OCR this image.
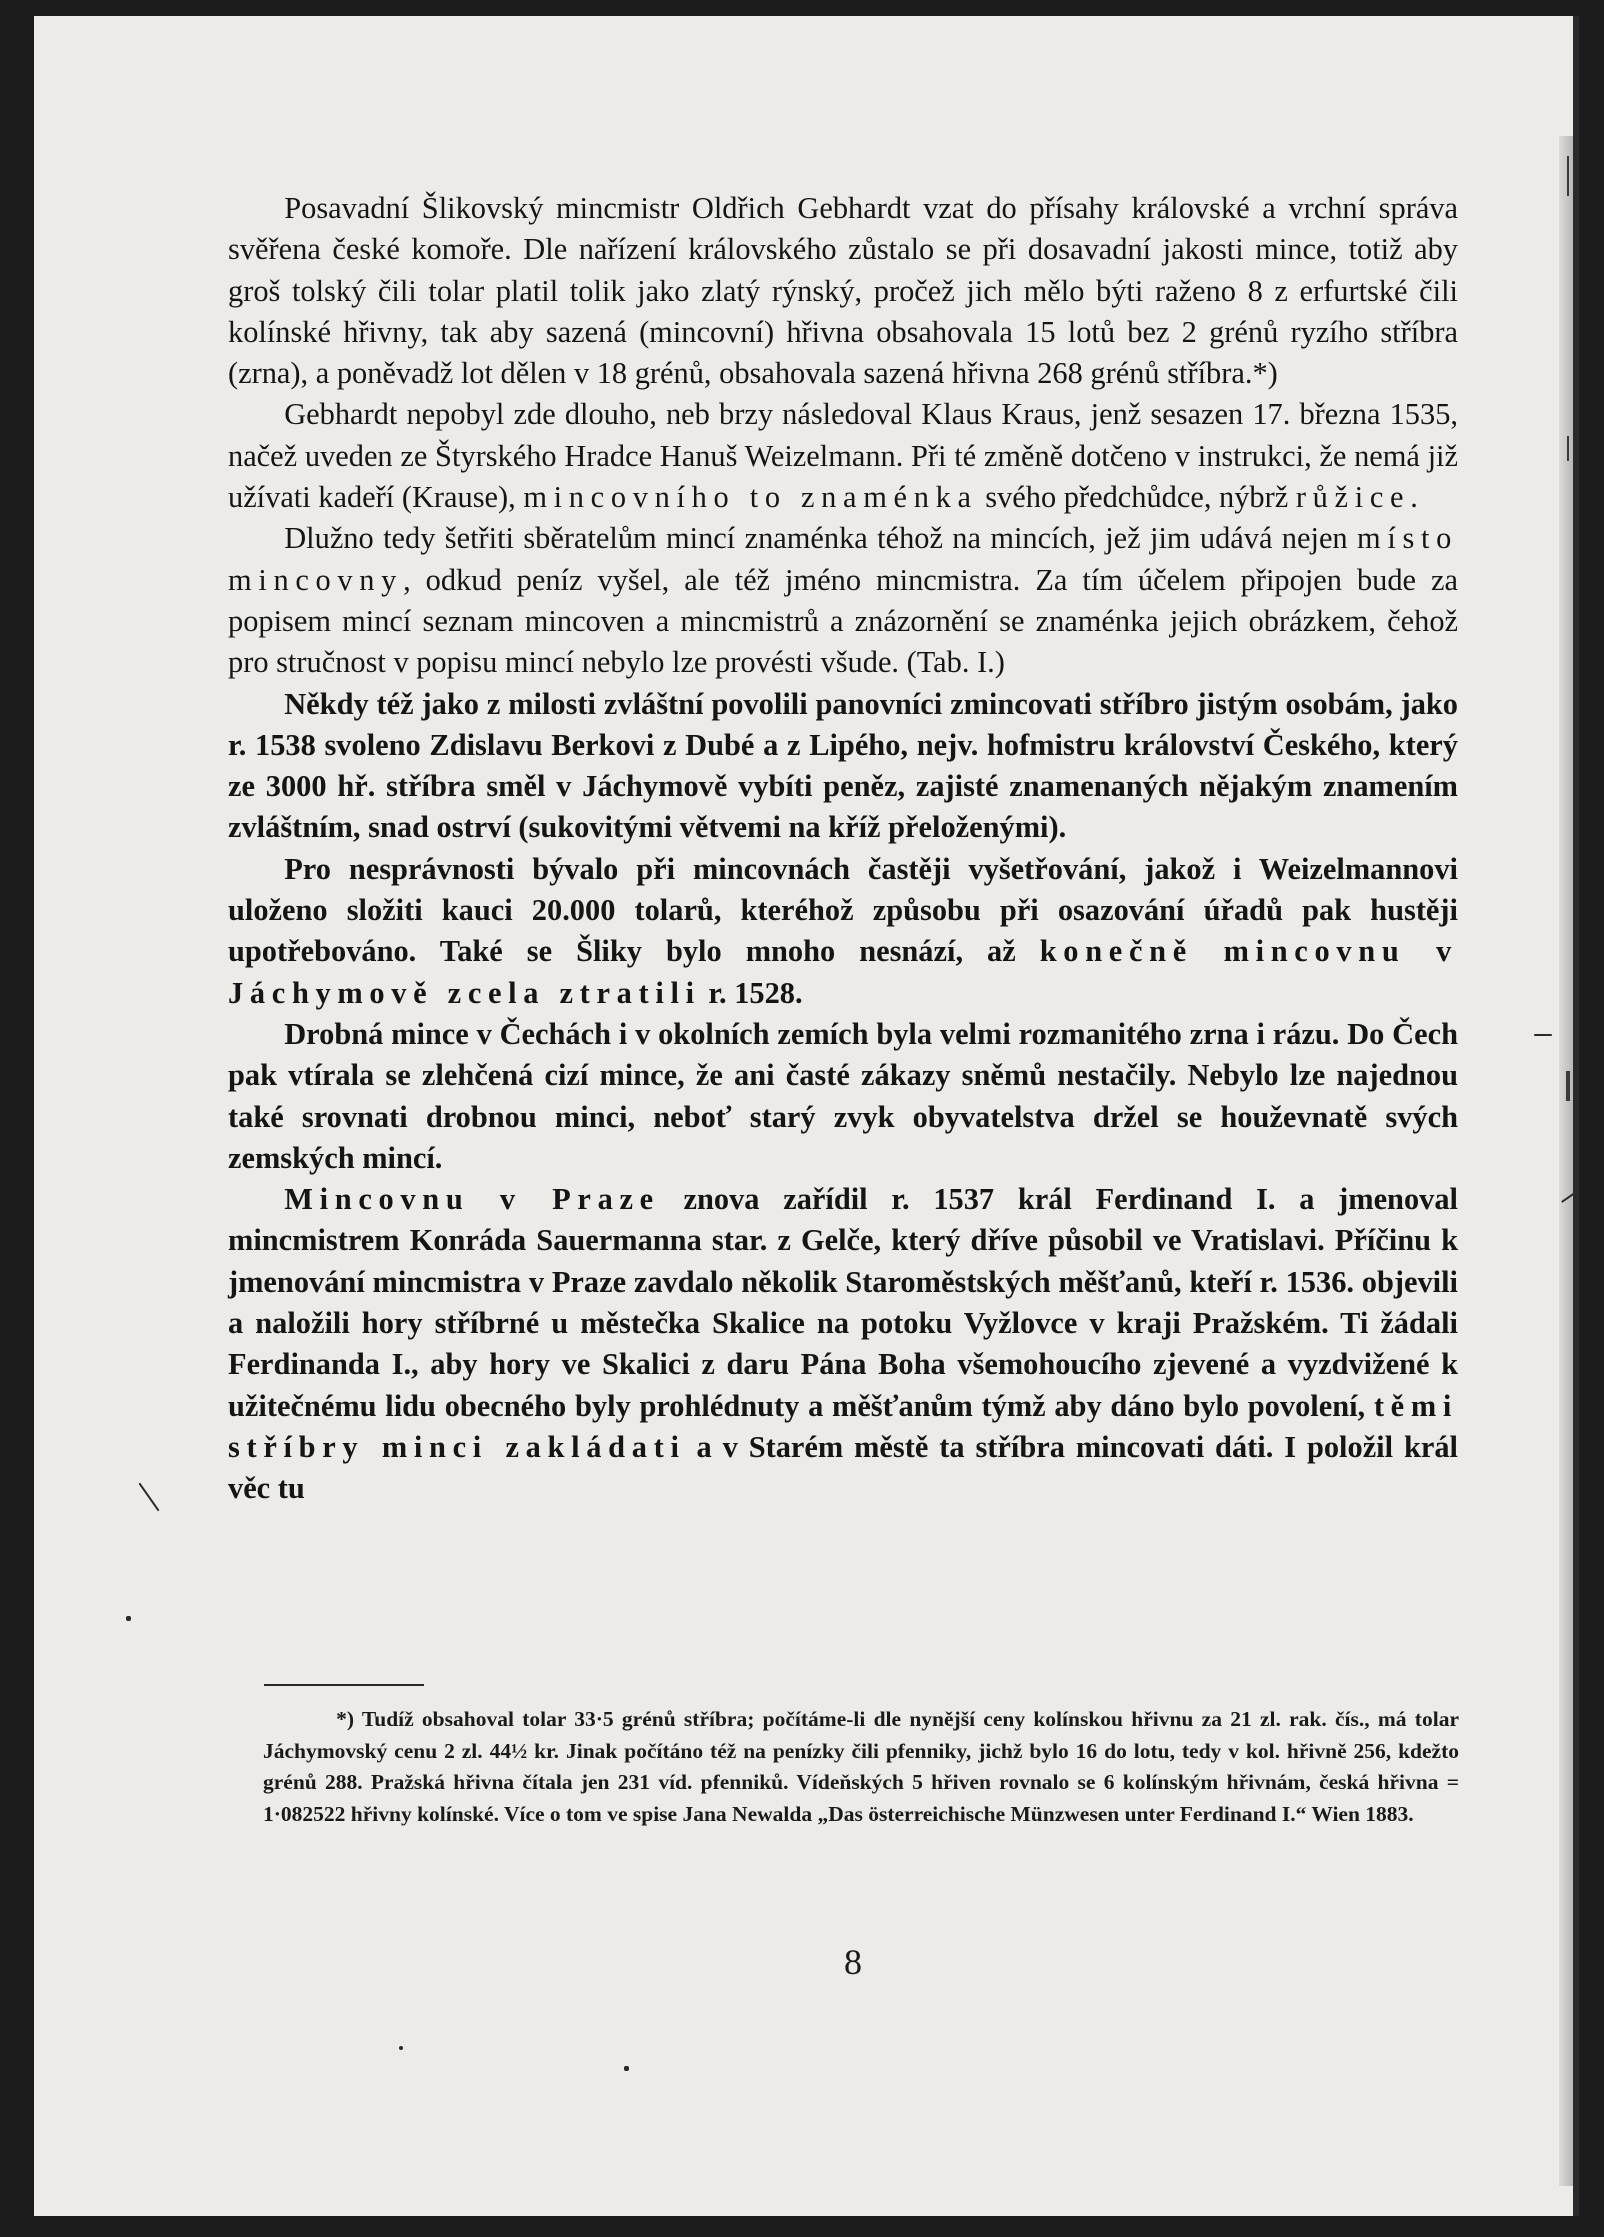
Posavadní Šlikovský mincmistr Oldřich Gebhardt vzat do přísahy královské a vrchní správa svěřena české komoře. Dle nařízení královského zůstalo se při dosavadní jakosti mince, totiž aby groš tolský čili tolar platil tolik jako zlatý rýnský, pročež jich mělo býti raženo 8 z erfurtské čili kolínské hřivny, tak aby sazená (mincovní) hřivna obsahovala 15 lotů bez 2 grénů ryzího stříbra (zrna), a poněvadž lot dělen v 18 grénů, obsahovala sazená hřivna 268 grénů stříbra.*)

Gebhardt nepobyl zde dlouho, neb brzy následoval Klaus Kraus, jenž sesazen 17. března 1535, načež uveden ze Štyrského Hradce Hanuš Weizelmann. Při té změně dotčeno v instrukci, že nemá již užívati kadeří (Krause), mincovního to znaménka svého předchůdce, nýbrž růžice.

Dlužno tedy šetřiti sběratelům mincí znaménka téhož na mincích, jež jim udává nejen místo mincovny, odkud peníz vyšel, ale též jméno mincmistra. Za tím účelem připojen bude za popisem mincí seznam mincoven a mincmistrů a znázornění se znaménka jejich obrázkem, čehož pro stručnost v popisu mincí nebylo lze provésti všude. (Tab. I.)

Někdy též jako z milosti zvláštní povolili panovníci zmincovati stříbro jistým osobám, jako r. 1538 svoleno Zdislavu Berkovi z Dubé a z Lipého, nejv. hofmistru království Českého, který ze 3000 hř. stříbra směl v Jáchymově vybíti peněz, zajisté znamenaných nějakým znamením zvláštním, snad ostrví (sukovitými větvemi na kříž přeloženými).

Pro nesprávnosti bývalo při mincovnách častěji vyšetřování, jakož i Weizelmannovi uloženo složiti kauci 20.000 tolarů, kteréhož způsobu při osazování úřadů pak hustěji upotřebováno. Také se Šliky bylo mnoho nesnází, až konečně mincovnu v Jáchymově zcela ztratili r. 1528.

Drobná mince v Čechách i v okolních zemích byla velmi rozmanitého zrna i rázu. Do Čech pak vtírala se zlehčená cizí mince, že ani časté zákazy sněmů nestačily. Nebylo lze najednou také srovnati drobnou minci, neboť starý zvyk obyvatelstva držel se houževnatě svých zemských mincí.

Mincovnu v Praze znova zařídil r. 1537 král Ferdinand I. a jmenoval mincmistrem Konráda Sauermanna star. z Gelče, který dříve působil ve Vratislavi. Příčinu k jmenování mincmistra v Praze zavdalo několik Staroměstských měšťanů, kteří r. 1536. objevili a naložili hory stříbrné u městečka Skalice na potoku Vyžlovce v kraji Pražském. Ti žádali Ferdinanda I., aby hory ve Skalici z daru Pána Boha všemohoucího zjevené a vyzdvižené k užitečnému lidu obecného byly prohlédnuty a měšťanům týmž aby dáno bylo povolení, těmi stříbry minci zakládati a v Starém městě ta stříbra mincovati dáti. I položil král věc tu

*) Tudíž obsahoval tolar 33·5 grénů stříbra; počítáme-li dle nynější ceny kolínskou hřivnu za 21 zl. rak. čís., má tolar Jáchymovský cenu 2 zl. 44½ kr. Jinak počítáno též na penízky čili pfenniky, jichž bylo 16 do lotu, tedy v kol. hřivně 256, kdežto grénů 288. Pražská hřivna čítala jen 231 víd. pfenniků. Vídeňských 5 hřiven rovnalo se 6 kolínským hřivnám, česká hřivna = 1·082522 hřivny kolínské. Více o tom ve spise Jana Newalda „Das österreichische Münzwesen unter Ferdinand I.“ Wien 1883.
8
